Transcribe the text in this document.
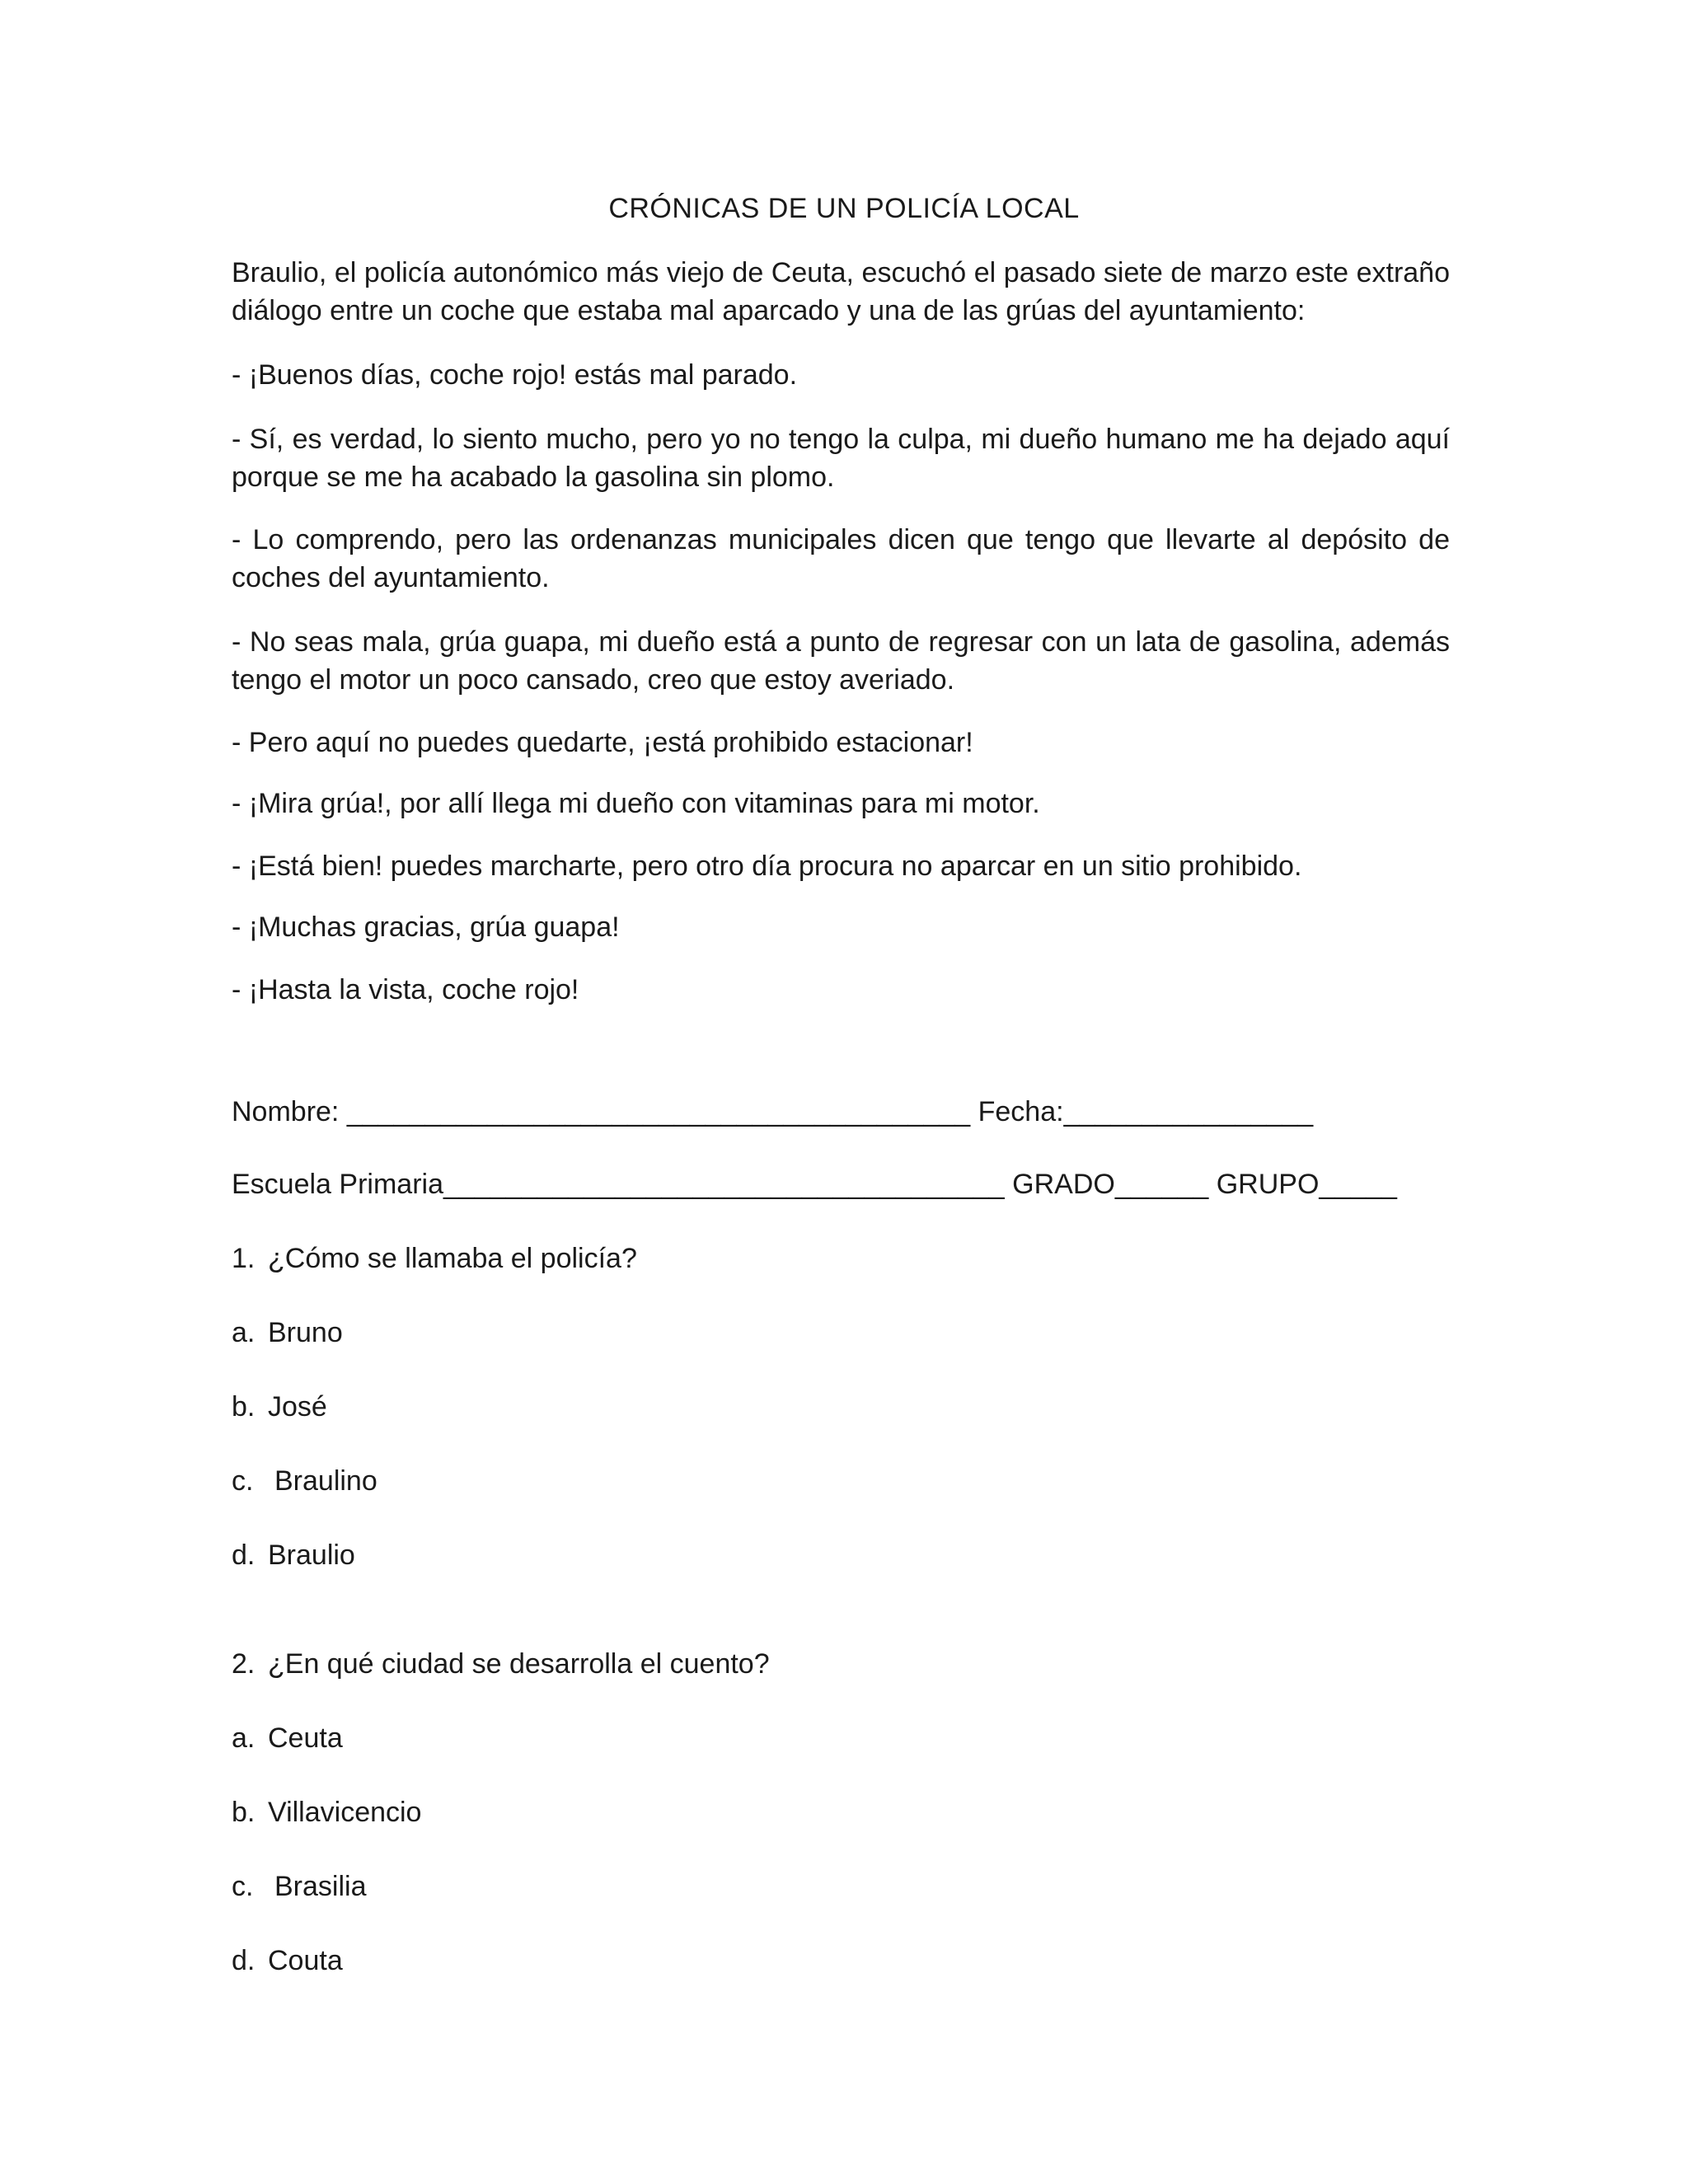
CRÓNICAS DE UN POLICÍA LOCAL
Braulio, el policía autonómico más viejo de Ceuta, escuchó el pasado siete de marzo este extraño diálogo entre un coche que estaba mal aparcado y una de las grúas del ayuntamiento:
- ¡Buenos días, coche rojo! estás mal parado.
- Sí, es verdad, lo siento mucho, pero yo no tengo la culpa, mi dueño humano me ha dejado aquí porque se me ha acabado la gasolina sin plomo.
- Lo comprendo, pero las ordenanzas municipales dicen que tengo que llevarte al depósito de coches del ayuntamiento.
- No seas mala, grúa guapa, mi dueño está a punto de regresar con un lata de gasolina, además tengo el motor un poco cansado, creo que estoy averiado.
- Pero aquí no puedes quedarte, ¡está prohibido estacionar!
- ¡Mira grúa!, por allí llega mi dueño con vitaminas para mi motor.
- ¡Está bien! puedes marcharte, pero otro día procura no aparcar en un sitio prohibido.
- ¡Muchas gracias, grúa guapa!
- ¡Hasta la vista, coche rojo!
Nombre: ________________________________________ Fecha:________________
Escuela Primaria____________________________________ GRADO______ GRUPO_____
1. ¿Cómo se llamaba el policía?
a. Bruno
b. José
c. Braulino
d. Braulio
2. ¿En qué ciudad se desarrolla el cuento?
a. Ceuta
b. Villavicencio
c. Brasilia
d. Couta
